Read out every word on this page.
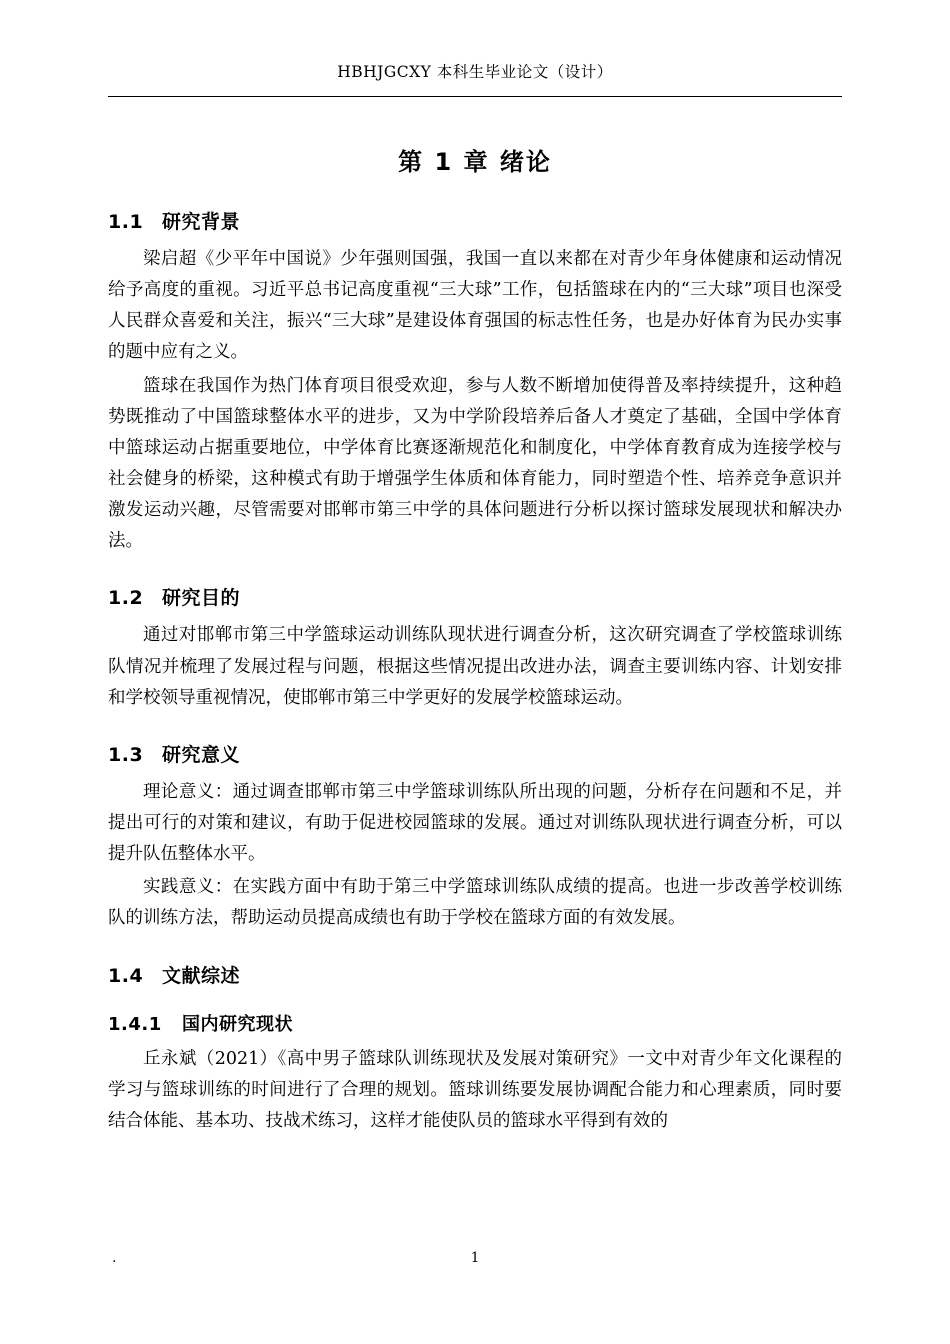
HBHJGCXY 本科生毕业论文（设计）
第 1 章 绪论
1.1 研究背景

梁启超《少平年中国说》少年强则国强，我国一直以来都在对青少年身体健康和运动情况给予高度的重视。习近平总书记高度重视“三大球”工作，包括篮球在内的“三大球”项目也深受人民群众喜爱和关注，振兴“三大球”是建设体育强国的标志性任务，也是办好体育为民办实事的题中应有之义。

篮球在我国作为热门体育项目很受欢迎，参与人数不断增加使得普及率持续提升，这种趋势既推动了中国篮球整体水平的进步，又为中学阶段培养后备人才奠定了基础，全国中学体育中篮球运动占据重要地位，中学体育比赛逐渐规范化和制度化，中学体育教育成为连接学校与社会健身的桥梁，这种模式有助于增强学生体质和体育能力，同时塑造个性、培养竞争意识并激发运动兴趣，尽管需要对邯郸市第三中学的具体问题进行分析以探讨篮球发展现状和解决办法。

1.2 研究目的

通过对邯郸市第三中学篮球运动训练队现状进行调查分析，这次研究调查了学校篮球训练队情况并梳理了发展过程与问题，根据这些情况提出改进办法，调查主要训练内容、计划安排和学校领导重视情况，使邯郸市第三中学更好的发展学校篮球运动。

1.3 研究意义

理论意义：通过调查邯郸市第三中学篮球训练队所出现的问题，分析存在问题和不足，并提出可行的对策和建议，有助于促进校园篮球的发展。通过对训练队现状进行调查分析，可以提升队伍整体水平。

实践意义：在实践方面中有助于第三中学篮球训练队成绩的提高。也进一步改善学校训练队的训练方法，帮助运动员提高成绩也有助于学校在篮球方面的有效发展。

1.4 文献综述
1.4.1 国内研究现状

丘永斌（2021）《高中男子篮球队训练现状及发展对策研究》一文中对青少年文化课程的学习与篮球训练的时间进行了合理的规划。篮球训练要发展协调配合能力和心理素质，同时要结合体能、基本功、技战术练习，这样才能使队员的篮球水平得到有效的

.	1
